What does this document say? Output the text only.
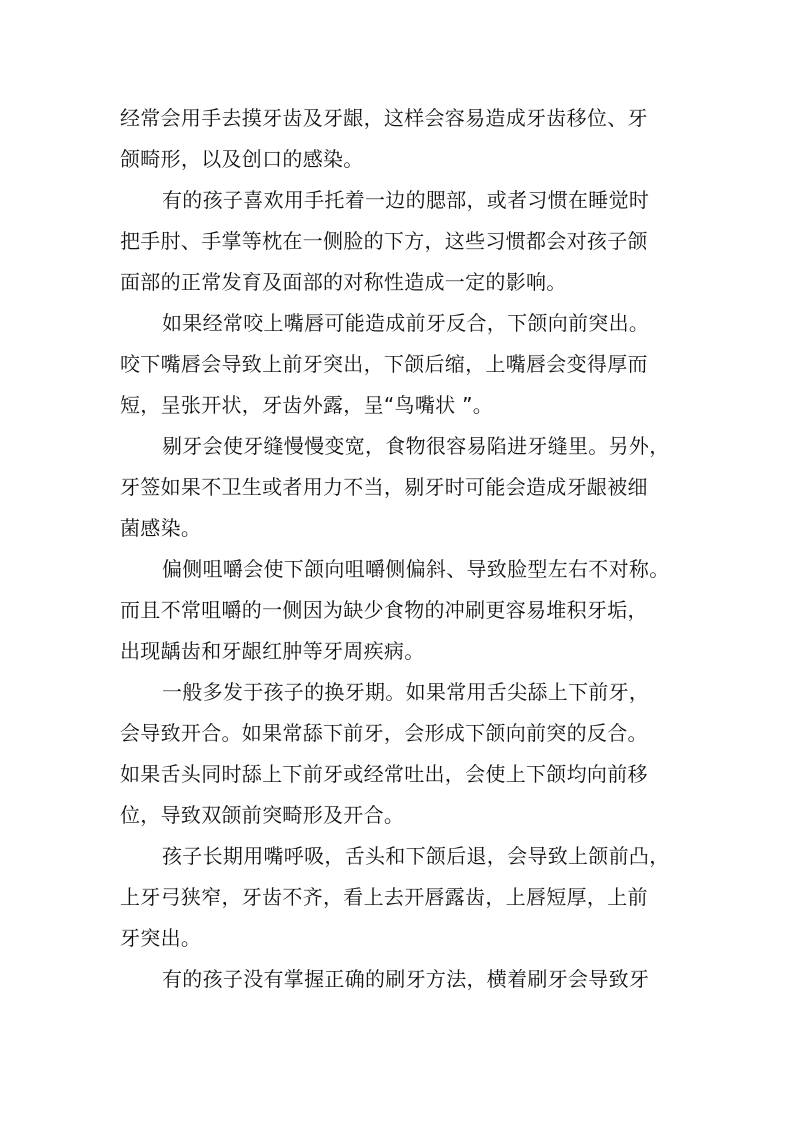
经常会用手去摸牙齿及牙龈，这样会容易造成牙齿移位、牙
颌畸形，以及创口的感染。
有的孩子喜欢用手托着一边的腮部，或者习惯在睡觉时
把手肘、手掌等枕在一侧脸的下方，这些习惯都会对孩子颌
面部的正常发育及面部的对称性造成一定的影响。
如果经常咬上嘴唇可能造成前牙反合，下颌向前突出。
咬下嘴唇会导致上前牙突出，下颌后缩，上嘴唇会变得厚而
短，呈张开状，牙齿外露，呈“鸟嘴状 ”。
剔牙会使牙缝慢慢变宽，食物很容易陷进牙缝里。另外，
牙签如果不卫生或者用力不当，剔牙时可能会造成牙龈被细
菌感染。
偏侧咀嚼会使下颌向咀嚼侧偏斜、导致脸型左右不对称。
而且不常咀嚼的一侧因为缺少食物的冲刷更容易堆积牙垢，
出现龋齿和牙龈红肿等牙周疾病。
一般多发于孩子的换牙期。如果常用舌尖舔上下前牙，
会导致开合。如果常舔下前牙，会形成下颌向前突的反合。
如果舌头同时舔上下前牙或经常吐出，会使上下颌均向前移
位，导致双颌前突畸形及开合。
孩子长期用嘴呼吸，舌头和下颌后退，会导致上颌前凸，
上牙弓狭窄，牙齿不齐，看上去开唇露齿，上唇短厚，上前
牙突出。
有的孩子没有掌握正确的刷牙方法，横着刷牙会导致牙
